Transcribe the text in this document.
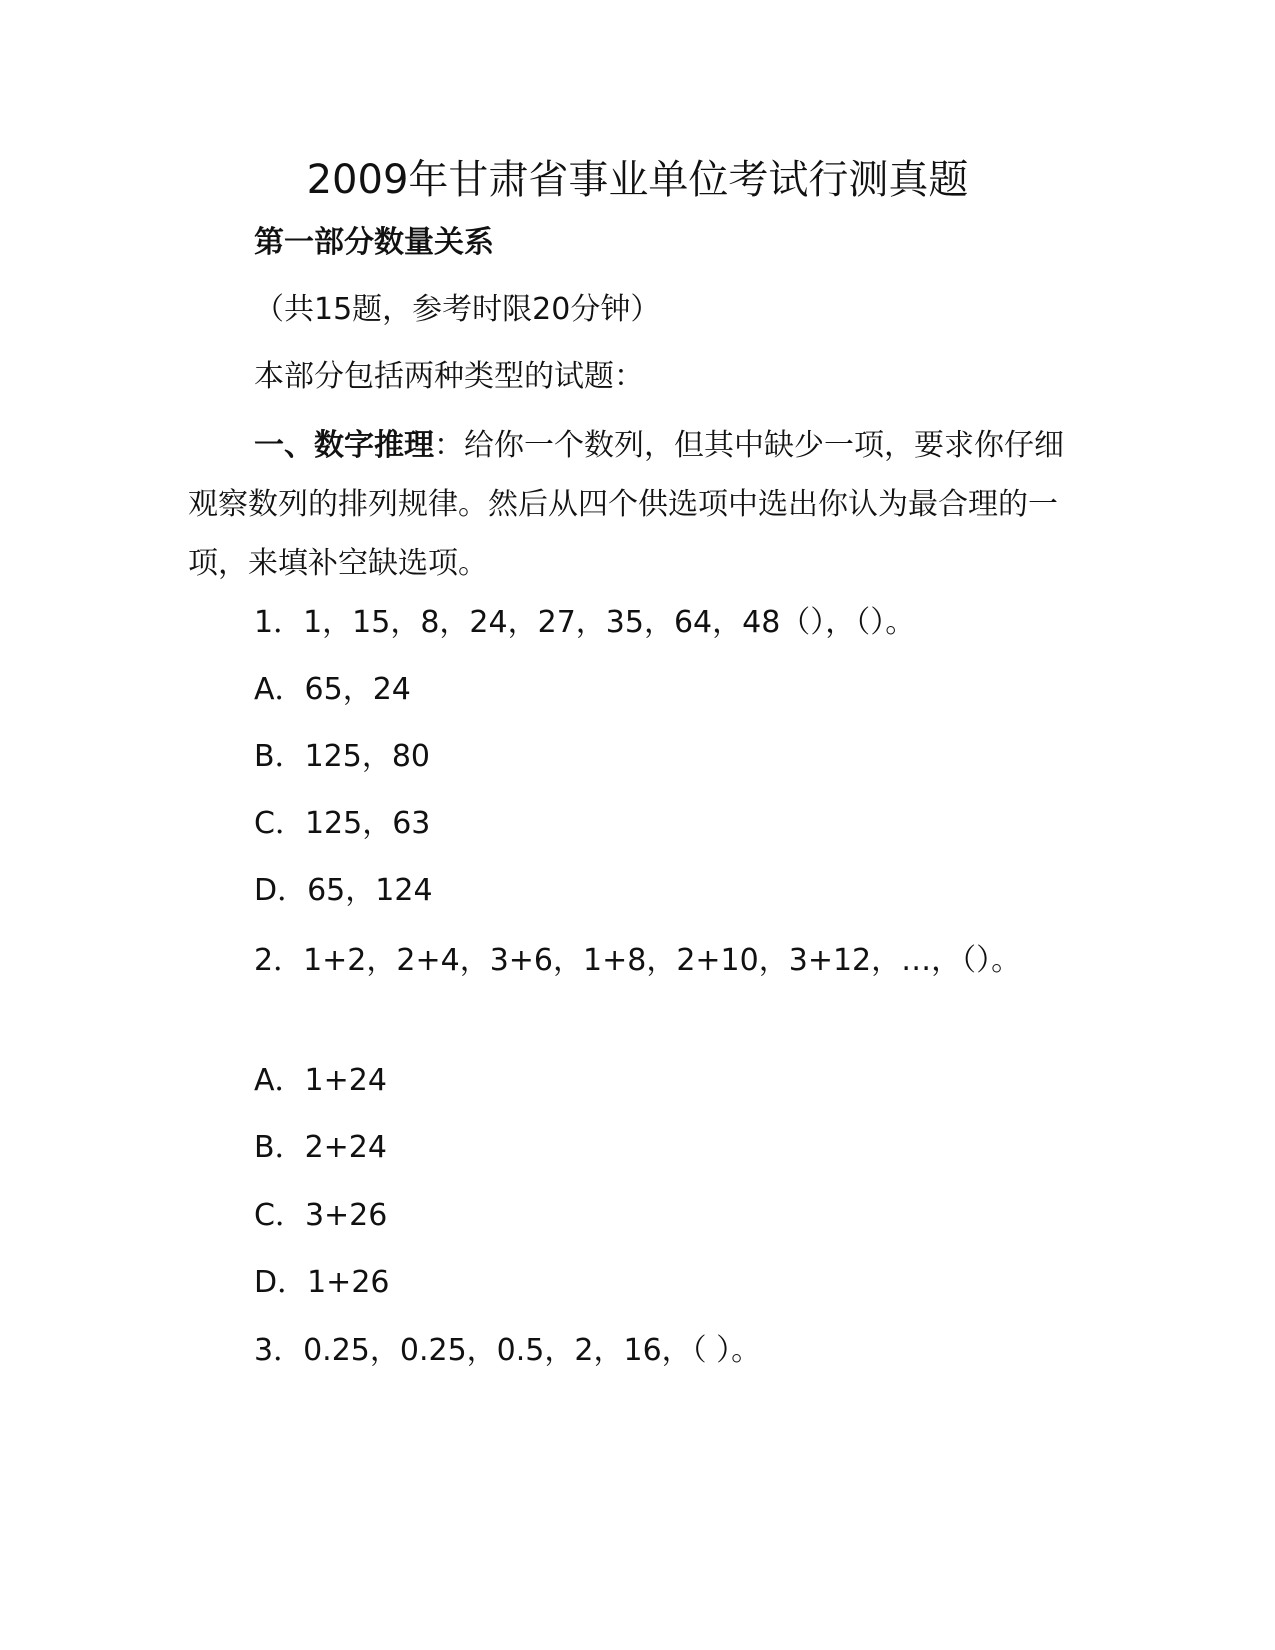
2009年甘肃省事业单位考试行测真题

第一部分数量关系

（共15题，参考时限20分钟）

本部分包括两种类型的试题：

一、数字推理：给你一个数列，但其中缺少一项，要求你仔细观察数列的排列规律。然后从四个供选项中选出你认为最合理的一项，来填补空缺选项。

1．1，15，8，24，27，35，64，48（），（）。

A．65，24

B．125，80

C．125，63

D．65，124

2．1+2，2+4，3+6，1+8，2+10，3+12，…，（）。

A．1+24

B．2+24

C．3+26

D．1+26

3．0.25，0.25，0.5，2，16，（ ）。
